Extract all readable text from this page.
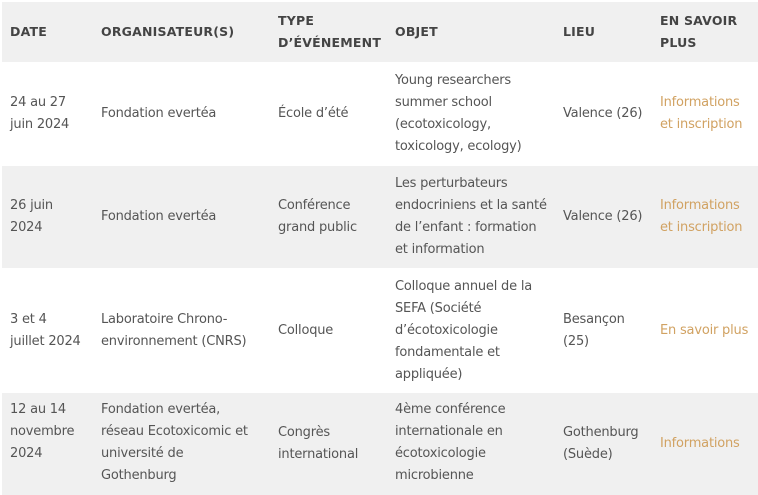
DATE	ORGANISATEUR(S)	TYPE D’ÉVÉNEMENT	OBJET	LIEU	EN SAVOIR PLUS
24 au 27 juin 2024	Fondation evertéa	École d’été	Young researchers summer school (ecotoxicology, toxicology, ecology)	Valence (26)	Informations et inscription
26 juin 2024	Fondation evertéa	Conférence grand public	Les perturbateurs endocriniens et la santé de l’enfant : formation et information	Valence (26)	Informations et inscription
3 et 4 juillet 2024	Laboratoire Chrono-environnement (CNRS)	Colloque	Colloque annuel de la SEFA (Société d’écotoxicologie fondamentale et appliquée)	Besançon (25)	En savoir plus
12 au 14 novembre 2024	Fondation evertéa, réseau Ecotoxicomic et université de Gothenburg	Congrès international	4ème conférence internationale en écotoxicologie microbienne	Gothenburg (Suède)	Informations
